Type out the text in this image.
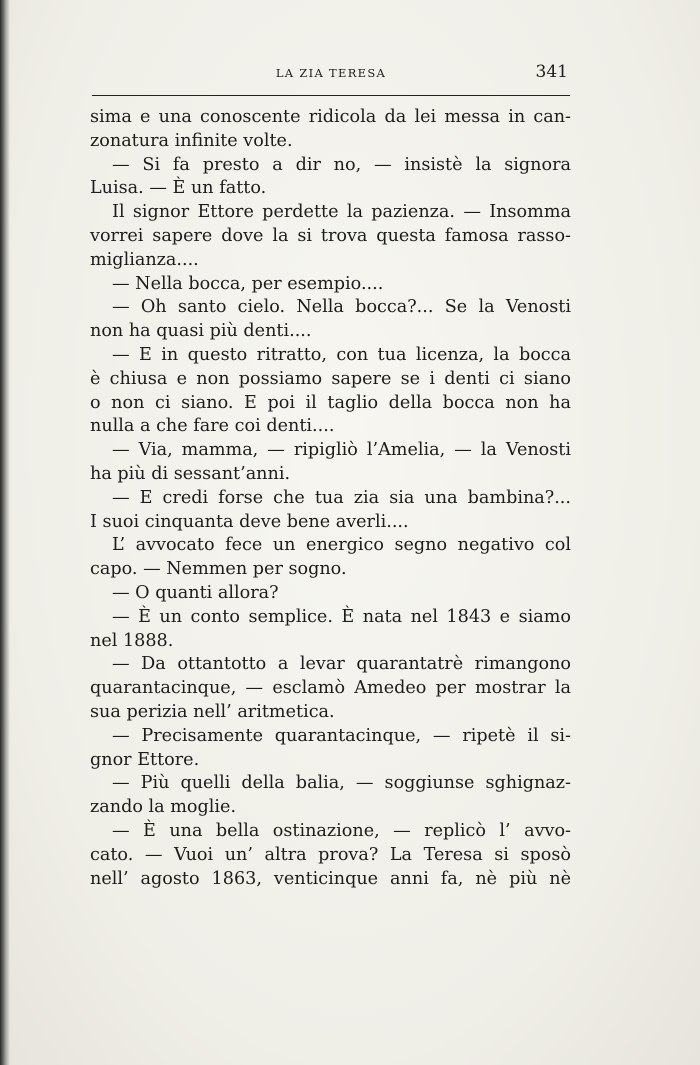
LA ZIA TERESA	341
sima e una conoscente ridicola da lei messa in can-
zonatura infinite volte.
— Si fa presto a dir no, — insistè la signora
Luisa. — È un fatto.
Il signor Ettore perdette la pazienza. — Insomma
vorrei sapere dove la si trova questa famosa rasso-
miglianza....
— Nella bocca, per esempio....
— Oh santo cielo. Nella bocca?... Se la Venosti
non ha quasi più denti....
— E in questo ritratto, con tua licenza, la bocca
è chiusa e non possiamo sapere se i denti ci siano
o non ci siano. E poi il taglio della bocca non ha
nulla a che fare coi denti....
— Via, mamma, — ripigliò l’Amelia, — la Venosti
ha più di sessant’anni.
— E credi forse che tua zia sia una bambina?...
I suoi cinquanta deve bene averli....
L’ avvocato fece un energico segno negativo col
capo. — Nemmen per sogno.
— O quanti allora?
— È un conto semplice. È nata nel 1843 e siamo
nel 1888.
— Da ottantotto a levar quarantatrè rimangono
quarantacinque, — esclamò Amedeo per mostrar la
sua perizia nell’ aritmetica.
— Precisamente quarantacinque, — ripetè il si-
gnor Ettore.
— Più quelli della balia, — soggiunse sghignaz-
zando la moglie.
— È una bella ostinazione, — replicò l’ avvo-
cato. — Vuoi un’ altra prova? La Teresa si sposò
nell’ agosto 1863, venticinque anni fa, nè più nè
